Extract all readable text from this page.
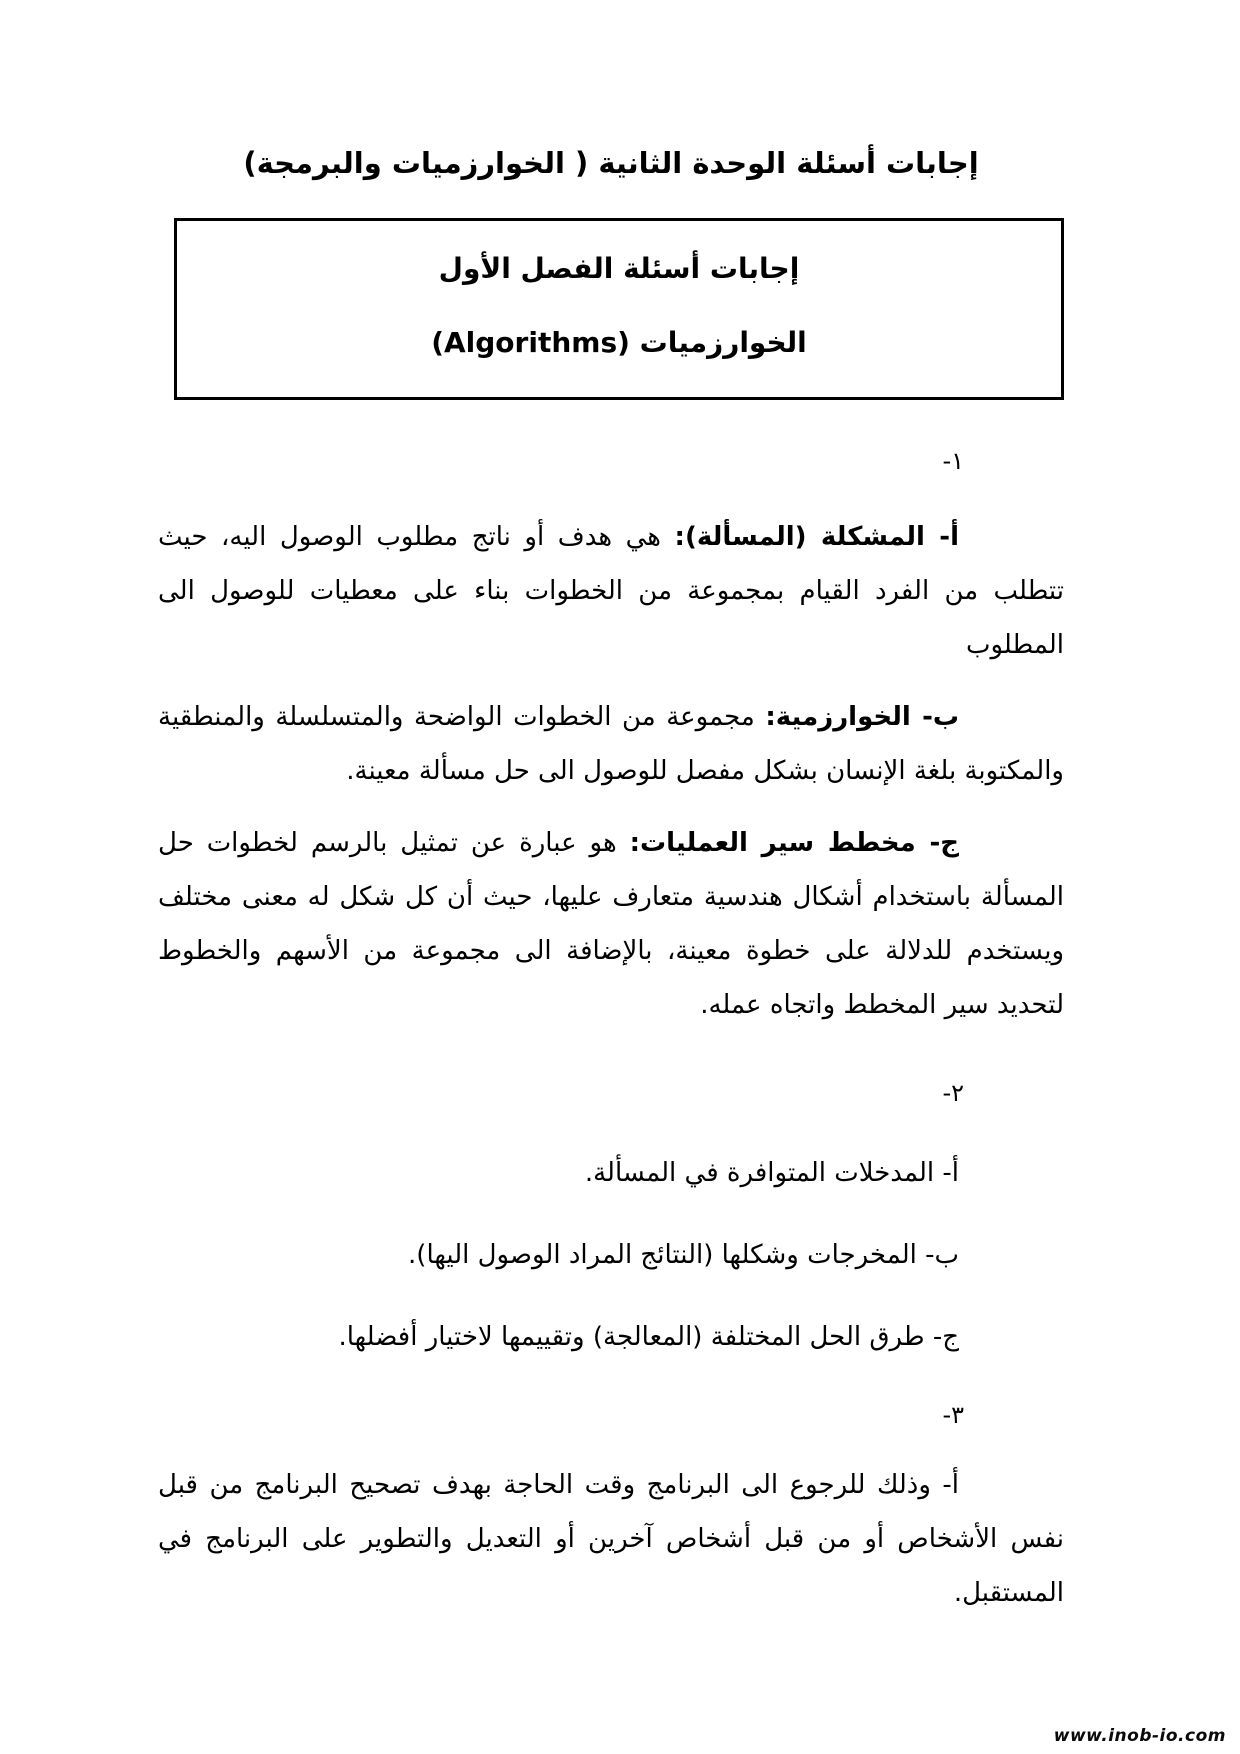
إجابات أسئلة الوحدة الثانية ( الخوارزميات والبرمجة)
إجابات أسئلة الفصل الأول
الخوارزميات (Algorithms)
١-

أ- المشكلة (المسألة): هي هدف أو ناتج مطلوب الوصول اليه، حيث تتطلب من الفرد القيام بمجموعة من الخطوات بناء على معطيات للوصول الى المطلوب

ب- الخوارزمية: مجموعة من الخطوات الواضحة والمتسلسلة والمنطقية والمكتوبة بلغة الإنسان بشكل مفصل للوصول الى حل مسألة معينة.

ج- مخطط سير العمليات: هو عبارة عن تمثيل بالرسم لخطوات حل المسألة باستخدام أشكال هندسية متعارف عليها، حيث أن كل شكل له معنى مختلف ويستخدم للدلالة على خطوة معينة، بالإضافة الى مجموعة من الأسهم والخطوط لتحديد سير المخطط واتجاه عمله.

٢-
أ- المدخلات المتوافرة في المسألة.
ب- المخرجات وشكلها (النتائج المراد الوصول اليها).
ج- طرق الحل المختلفة (المعالجة) وتقييمها لاختيار أفضلها.
٣-

أ- وذلك للرجوع الى البرنامج وقت الحاجة بهدف تصحيح البرنامج من قبل نفس الأشخاص أو من قبل أشخاص آخرين أو التعديل والتطوير على البرنامج في المستقبل.

www.inob-io.com
